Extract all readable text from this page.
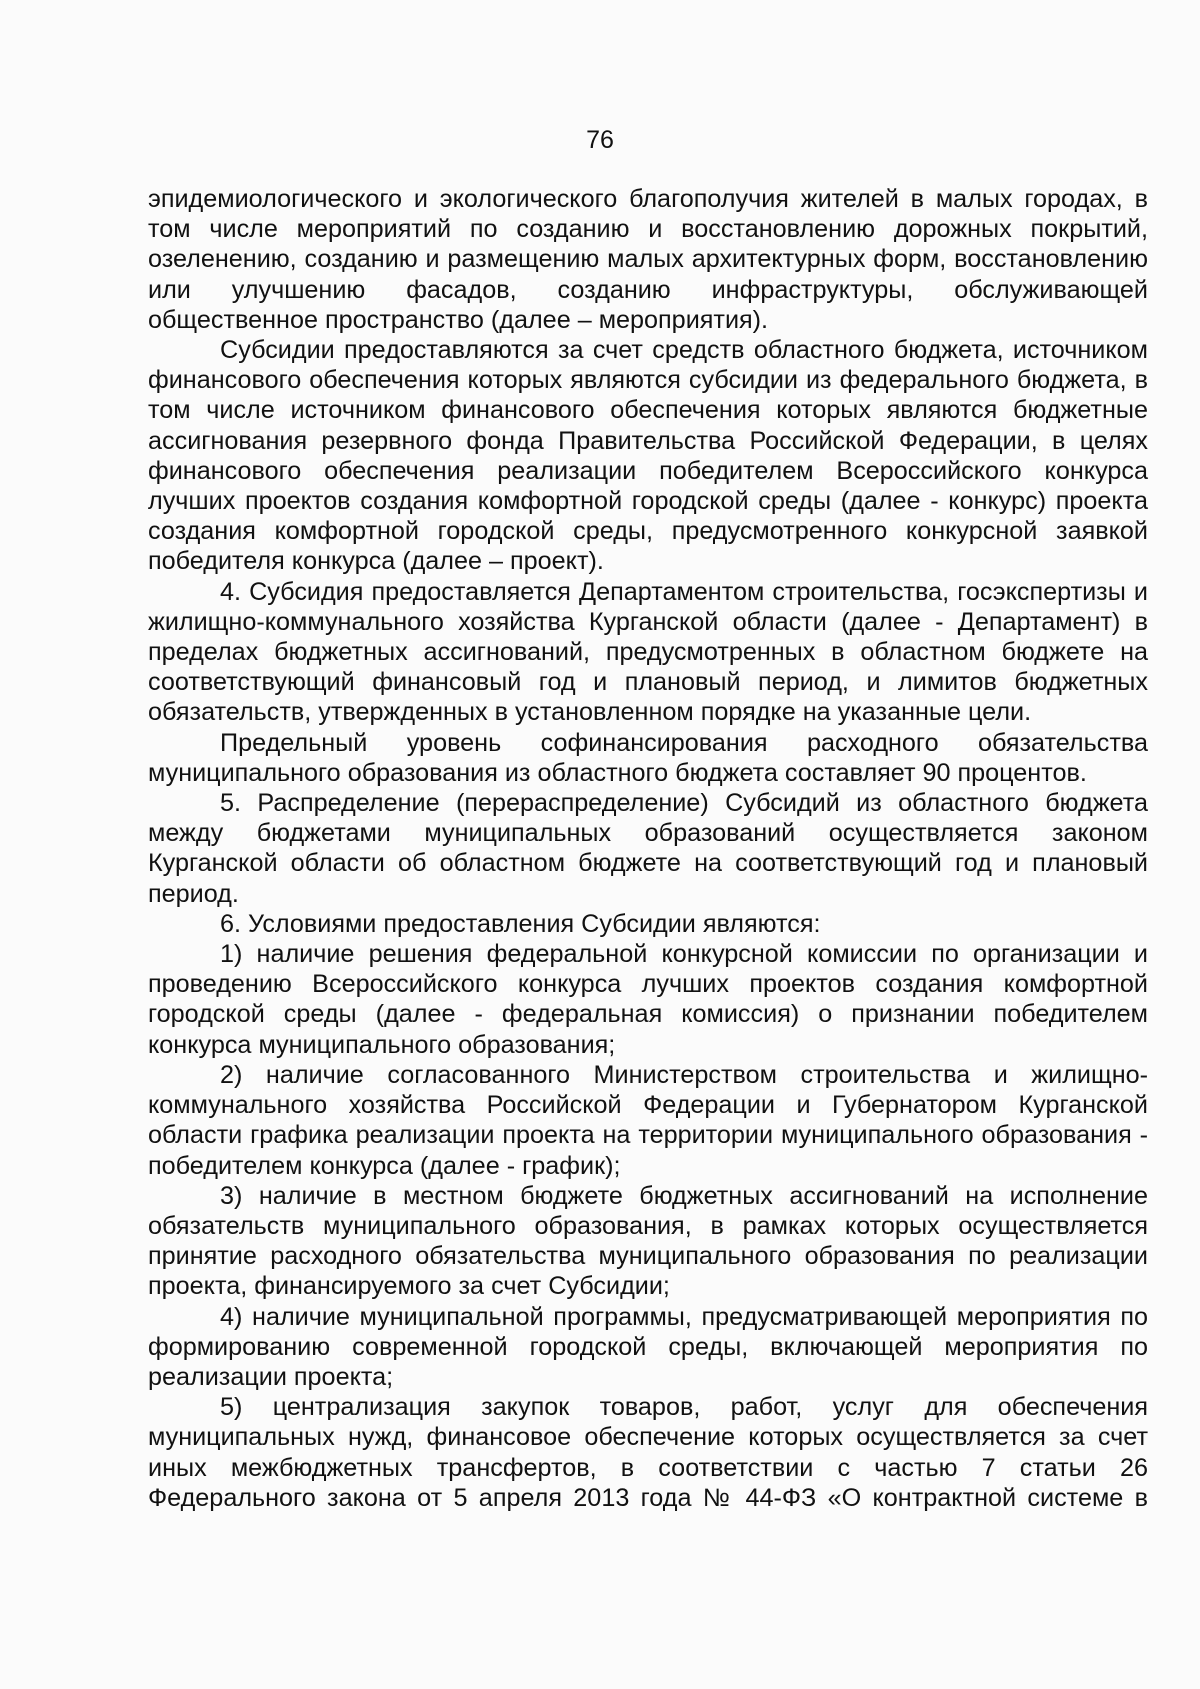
76

эпидемиологического и экологического благополучия жителей в малых городах, в том числе мероприятий по созданию и восстановлению дорожных покрытий, озеленению, созданию и размещению малых архитектурных форм, восстановлению или улучшению фасадов, созданию инфраструктуры, обслуживающей общественное пространство (далее – мероприятия).

Субсидии предоставляются за счет средств областного бюджета, источником финансового обеспечения которых являются субсидии из федерального бюджета, в том числе источником финансового обеспечения которых являются бюджетные ассигнования резервного фонда Правительства Российской Федерации, в целях финансового обеспечения реализации победителем Всероссийского конкурса лучших проектов создания комфортной городской среды (далее - конкурс) проекта создания комфортной городской среды, предусмотренного конкурсной заявкой победителя конкурса (далее – проект).

4. Субсидия предоставляется Департаментом строительства, госэкспертизы и жилищно-коммунального хозяйства Курганской области (далее - Департамент) в пределах бюджетных ассигнований, предусмотренных в областном бюджете на соответствующий финансовый год и плановый период, и лимитов бюджетных обязательств, утвержденных в установленном порядке на указанные цели.

Предельный уровень софинансирования расходного обязательства муниципального образования из областного бюджета составляет 90 процентов.

5. Распределение (перераспределение) Субсидий из областного бюджета между бюджетами муниципальных образований осуществляется законом Курганской области об областном бюджете на соответствующий год и плановый период.

6. Условиями предоставления Субсидии являются:

1) наличие решения федеральной конкурсной комиссии по организации и проведению Всероссийского конкурса лучших проектов создания комфортной городской среды (далее - федеральная комиссия) о признании победителем конкурса муниципального образования;

2) наличие согласованного Министерством строительства и жилищно-коммунального хозяйства Российской Федерации и Губернатором Курганской области графика реализации проекта на территории муниципального образования - победителем конкурса (далее - график);

3) наличие в местном бюджете бюджетных ассигнований на исполнение обязательств муниципального образования, в рамках которых осуществляется принятие расходного обязательства муниципального образования по реализации проекта, финансируемого за счет Субсидии;

4) наличие муниципальной программы, предусматривающей мероприятия по формированию современной городской среды, включающей мероприятия по реализации проекта;

5) централизация закупок товаров, работ, услуг для обеспечения муниципальных нужд, финансовое обеспечение которых осуществляется за счет иных межбюджетных трансфертов, в соответствии с частью 7 статьи 26 Федерального закона от 5 апреля 2013 года № 44-ФЗ «О контрактной системе в
